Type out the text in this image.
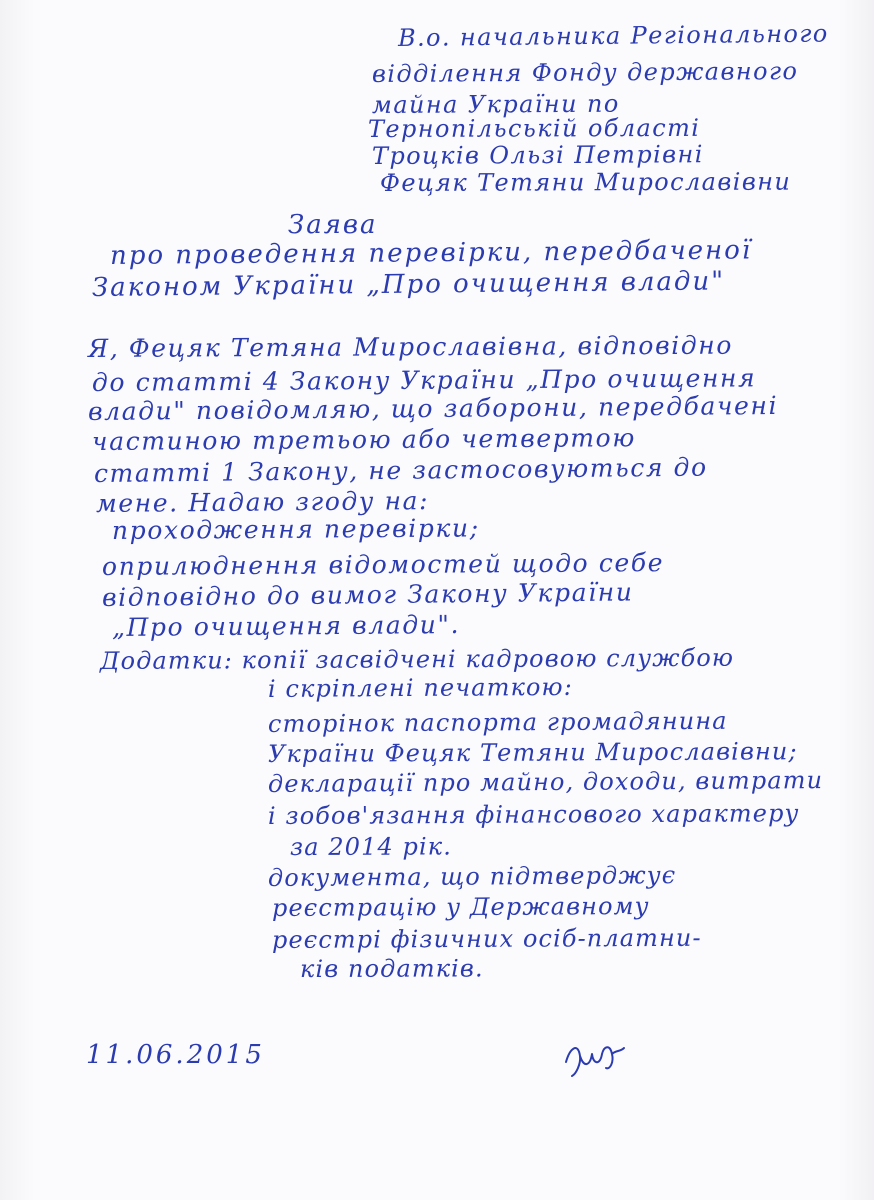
В.о. начальника Регіонального
відділення Фонду державного
майна України по
Тернопільській області
Троцків Ользі Петрівні
Фецяк Тетяни Мирославівни
Заява
про проведення перевірки, передбаченої
Законом України „Про очищення влади"
Я, Фецяк Тетяна Мирославівна, відповідно
до статті 4 Закону України „Про очищення
влади" повідомляю, що заборони, передбачені
частиною третьою або четвертою
статті 1 Закону, не застосовуються до
мене. Надаю згоду на:
проходження перевірки;
оприлюднення відомостей щодо себе
відповідно до вимог Закону України
„Про очищення влади".
Додатки: копії засвідчені кадровою службою
і скріплені печаткою:
сторінок паспорта громадянина
України Фецяк Тетяни Мирославівни;
декларації про майно, доходи, витрати
і зобов'язання фінансового характеру
за 2014 рік.
документа, що підтверджує
реєстрацію у Державному
реєстрі фізичних осіб-платни-
ків податків.
11.06.2015
